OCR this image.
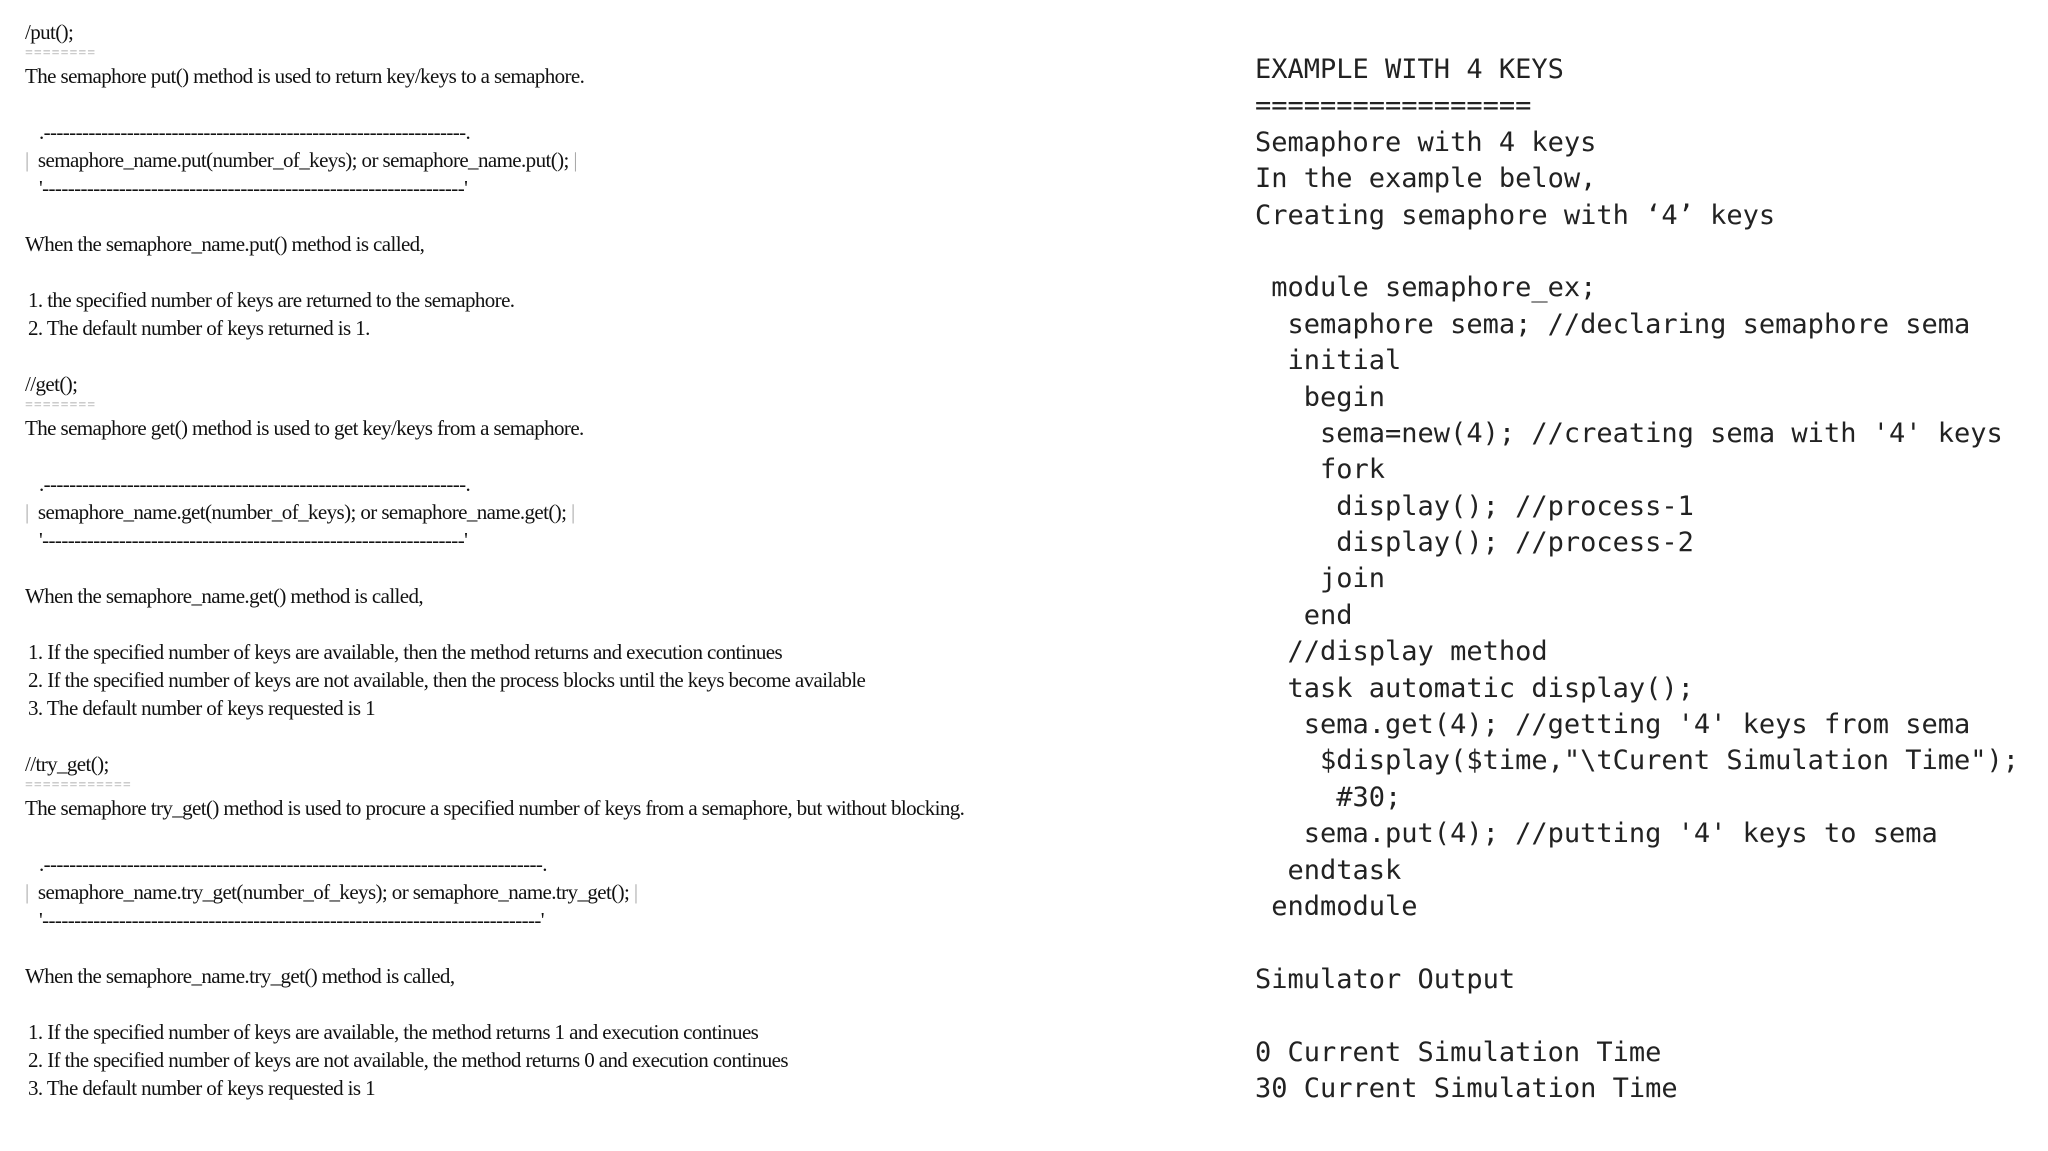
/put();
========
The semaphore put() method is used to return key/keys to a semaphore.
.------------------------------------------------------------------.
|  semaphore_name.put(number_of_keys); or semaphore_name.put(); |
'------------------------------------------------------------------'
When the semaphore_name.put() method is called,
1. the specified number of keys are returned to the semaphore.
2. The default number of keys returned is 1.
//get();
========
The semaphore get() method is used to get key/keys from a semaphore.
.------------------------------------------------------------------.
|  semaphore_name.get(number_of_keys); or semaphore_name.get(); |
'------------------------------------------------------------------'
When the semaphore_name.get() method is called,
1. If the specified number of keys are available, then the method returns and execution continues
2. If the specified number of keys are not available, then the process blocks until the keys become available
3. The default number of keys requested is 1
//try_get();
============
The semaphore try_get() method is used to procure a specified number of keys from a semaphore, but without blocking.
.------------------------------------------------------------------------------.
|  semaphore_name.try_get(number_of_keys); or semaphore_name.try_get(); |
'------------------------------------------------------------------------------'
When the semaphore_name.try_get() method is called,
1. If the specified number of keys are available, the method returns 1 and execution continues
2. If the specified number of keys are not available, the method returns 0 and execution continues
3. The default number of keys requested is 1
EXAMPLE WITH 4 KEYS
=================
Semaphore with 4 keys
In the example below,
Creating semaphore with ‘4’ keys
module semaphore_ex;
semaphore sema; //declaring semaphore sema
initial
begin
sema=new(4); //creating sema with '4' keys
fork
display(); //process-1
display(); //process-2
join
end
//display method
task automatic display();
sema.get(4); //getting '4' keys from sema
$display($time,"\tCurent Simulation Time");
#30;
sema.put(4); //putting '4' keys to sema
endtask
endmodule
Simulator Output
0 Current Simulation Time
30 Current Simulation Time
